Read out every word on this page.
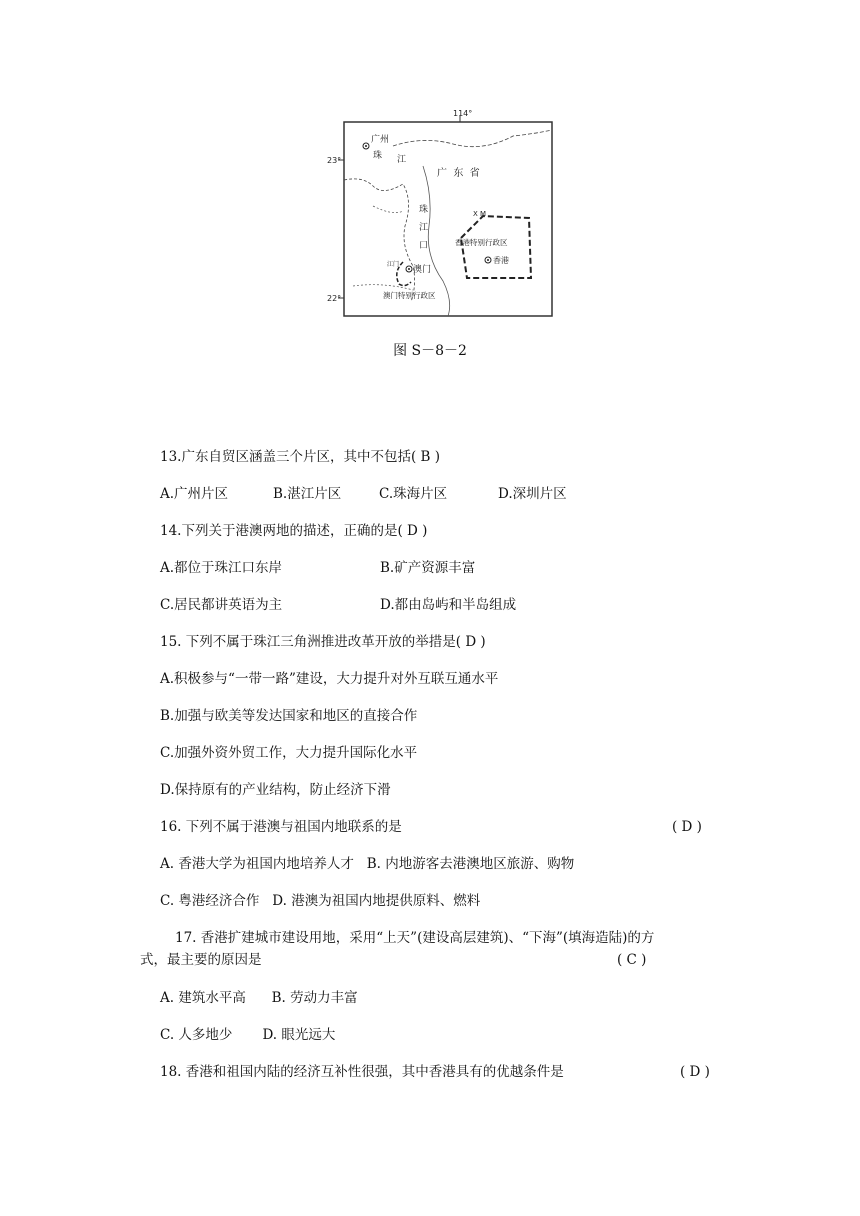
114°
23°
22°
广州
珠 江
广  东  省
珠
江
口
X M
香港特别行政区
香港
澳门
江门
澳门特别行政区
图 S－8－2
13.广东自贸区涵盖三个片区，其中不包括( B )
A.广州片区	B.湛江片区	C.珠海片区	D.深圳片区
14.下列关于港澳两地的描述，正确的是( D )
A.都位于珠江口东岸	B.矿产资源丰富
C.居民都讲英语为主	D.都由岛屿和半岛组成
15. 下列不属于珠江三角洲推进改革开放的举措是( D )
A.积极参与“一带一路”建设，大力提升对外互联互通水平
B.加强与欧美等发达国家和地区的直接合作
C.加强外资外贸工作，大力提升国际化水平
D.保持原有的产业结构，防止经济下滑
16. 下列不属于港澳与祖国内地联系的是	( D )
A. 香港大学为祖国内地培养人才   B. 内地游客去港澳地区旅游、购物
C. 粤港经济合作   D. 港澳为祖国内地提供原料、燃料
17. 香港扩建城市建设用地，采用“上天”(建设高层建筑)、“下海”(填海造陆)的方
式，最主要的原因是	( C )
A. 建筑水平高      B. 劳动力丰富
C. 人多地少       D. 眼光远大
18. 香港和祖国内陆的经济互补性很强，其中香港具有的优越条件是	( D )
